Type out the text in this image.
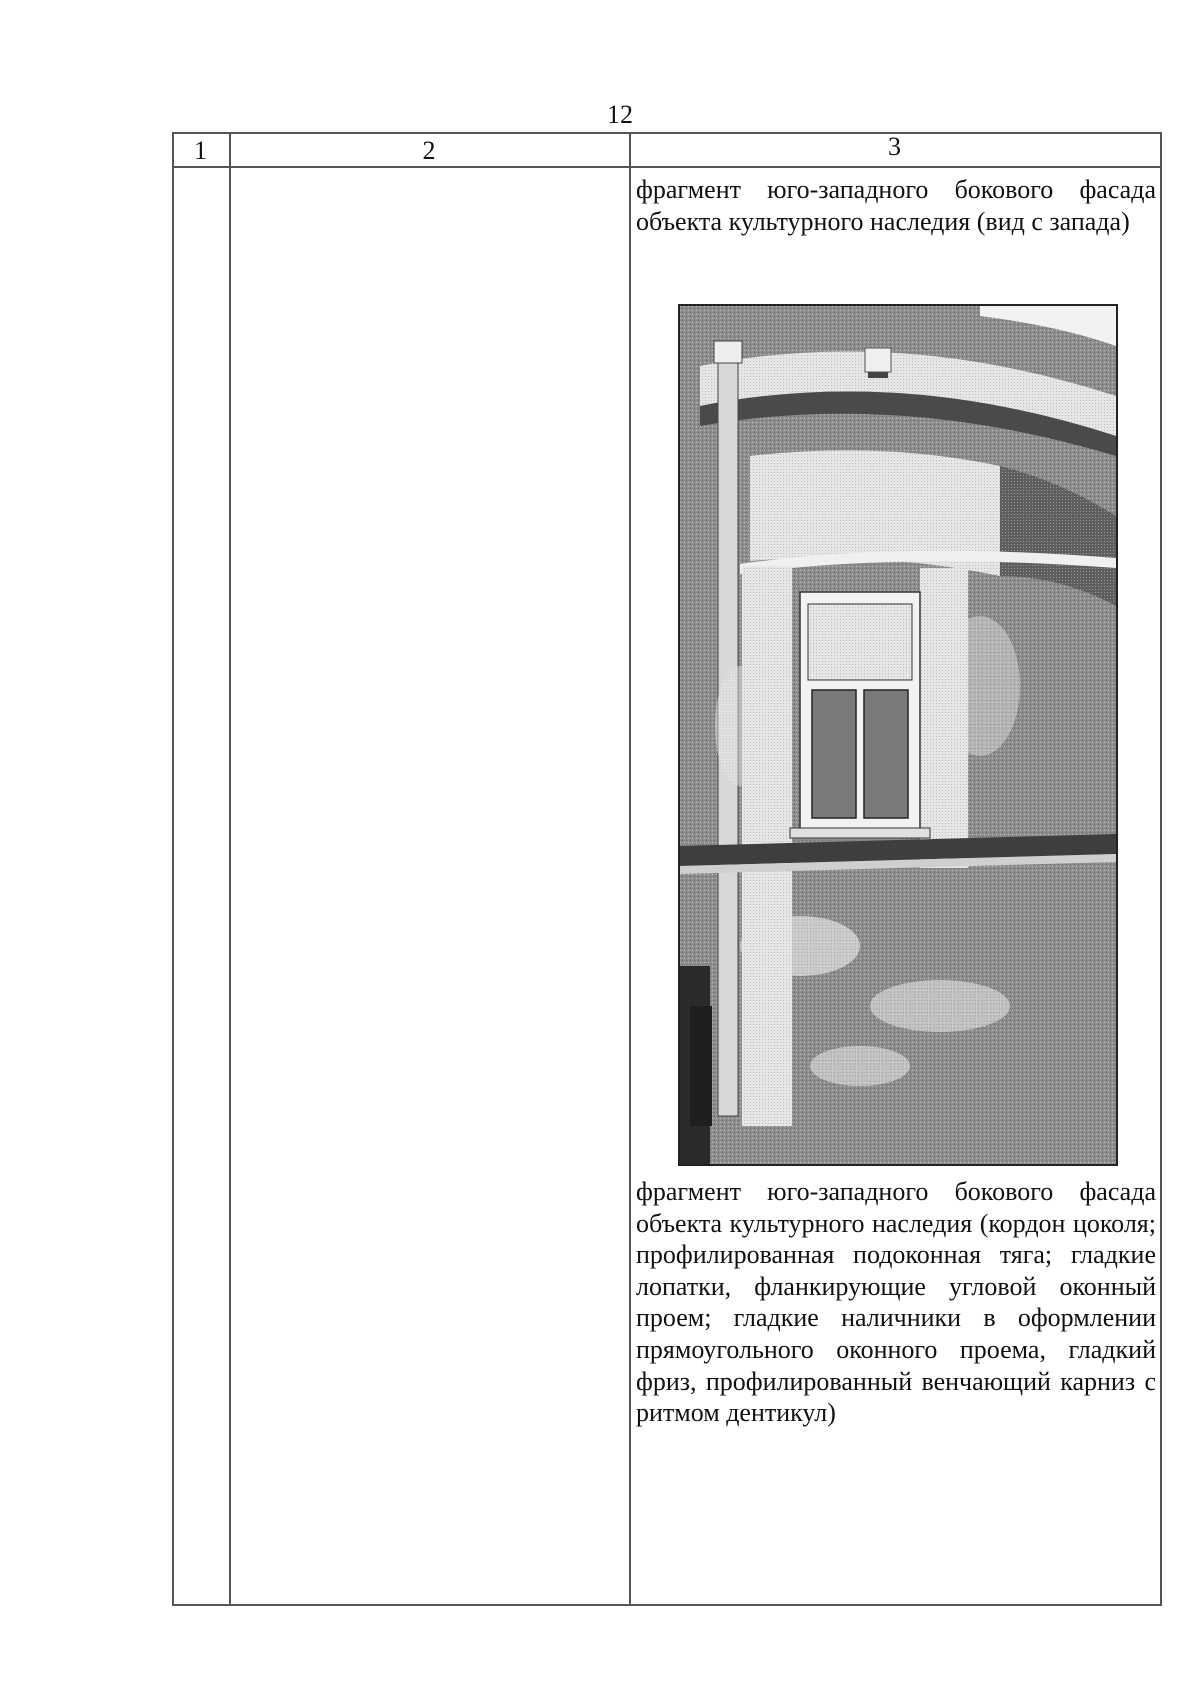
12
1	2	3
фрагмент юго-западного бокового фасада объекта культурного наследия (вид с запада)
фрагмент юго-западного бокового фасада объекта культурного наследия (кордон цоколя; профилированная подоконная тяга; гладкие лопатки, фланкирующие угловой оконный проем; гладкие наличники в оформлении прямоугольного оконного проема, гладкий фриз, профилированный венчающий карниз с ритмом дентикул)
